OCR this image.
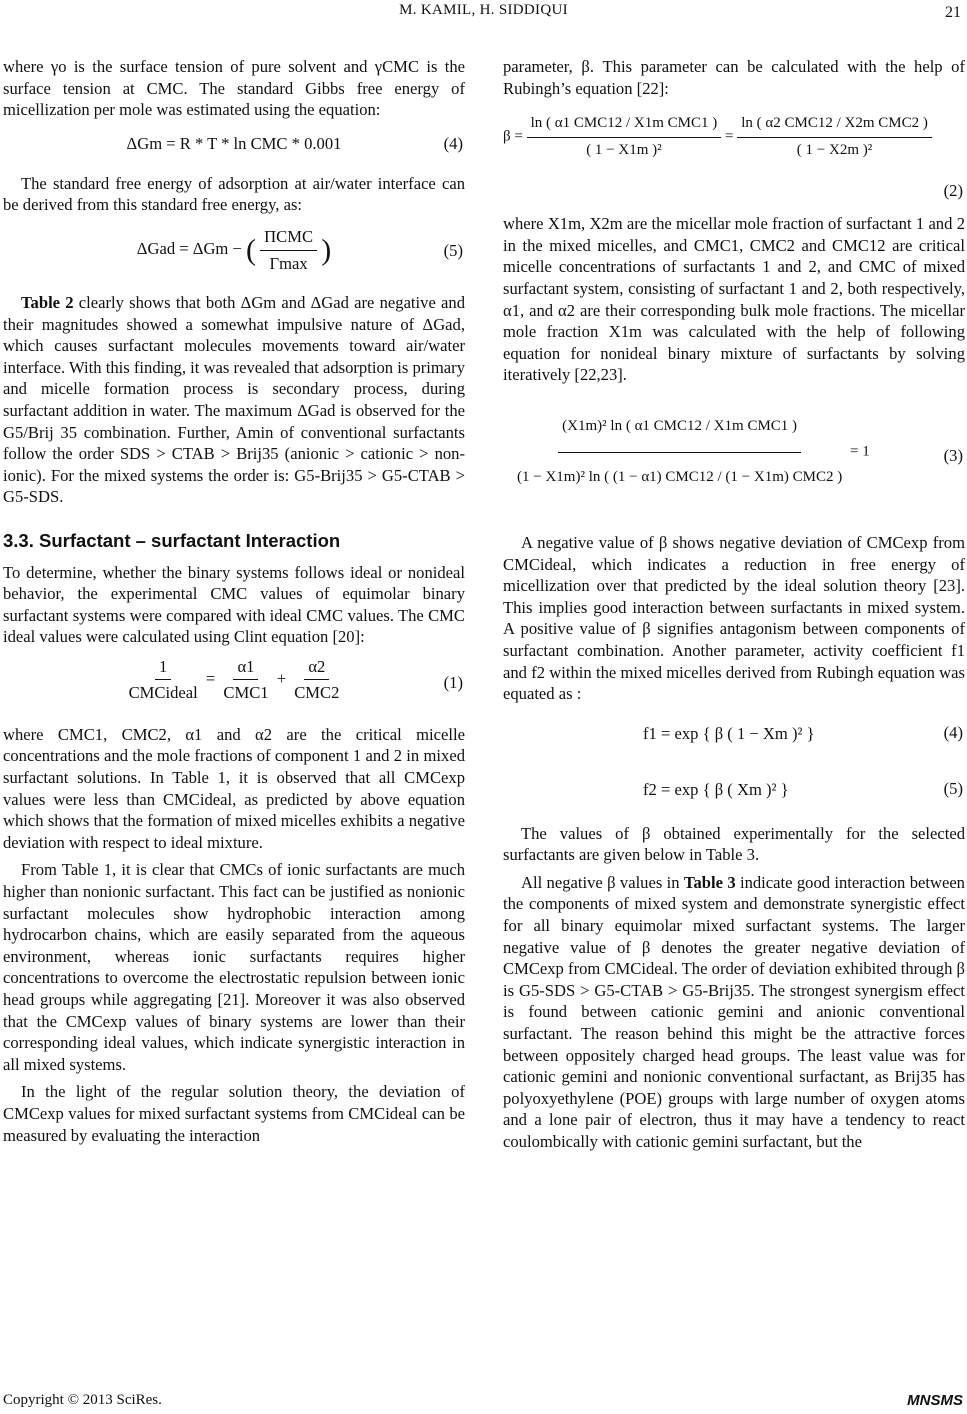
M. KAMIL, H. SIDDIQUI	21

where γo is the surface tension of pure solvent and γCMC is the surface tension at CMC. The standard Gibbs free energy of micellization per mole was estimated using the equation:

ΔGm = R * T * ln CMC * 0.001	(4)

The standard free energy of adsorption at air/water interface can be derived from this standard free energy, as:

ΔGad = ΔGm − ( $\frac{\text{ΠCMC}}{\Gamma\max}$ )	(5)

Table 2 clearly shows that both ΔGm and ΔGad are negative and their magnitudes showed a somewhat impulsive nature of ΔGad, which causes surfactant molecules movements toward air/water interface. With this finding, it was revealed that adsorption is primary and micelle formation process is secondary process, during surfactant addition in water. The maximum ΔGad is observed for the G5/Brij 35 combination. Further, Amin of conventional surfactants follow the order SDS > CTAB > Brij35 (anionic > cationic > non-ionic). For the mixed systems the order is: G5-Brij35 > G5-CTAB > G5-SDS.

3.3. Surfactant – surfactant Interaction

To determine, whether the binary systems follows ideal or nonideal behavior, the experimental CMC values of equimolar binary surfactant systems were compared with ideal CMC values. The CMC ideal values were calculated using Clint equation [20]:

$\frac{1}{\text{CMCideal}} = \frac{\alpha 1}{\text{CMC1}} + \frac{\alpha 2}{\text{CMC2}}$	(1)

where CMC1, CMC2, α1 and α2 are the critical micelle concentrations and the mole fractions of component 1 and 2 in mixed surfactant solutions. In Table 1, it is observed that all CMCexp values were less than CMCideal, as predicted by above equation which shows that the formation of mixed micelles exhibits a negative deviation with respect to ideal mixture.

From Table 1, it is clear that CMCs of ionic surfactants are much higher than nonionic surfactant. This fact can be justified as nonionic surfactant molecules show hydrophobic interaction among hydrocarbon chains, which are easily separated from the aqueous environment, whereas ionic surfactants requires higher concentrations to overcome the electrostatic repulsion between ionic head groups while aggregating [21]. Moreover it was also observed that the CMCexp values of binary systems are lower than their corresponding ideal values, which indicate synergistic interaction in all mixed systems.

In the light of the regular solution theory, the deviation of CMCexp values for mixed surfactant systems from CMCideal can be measured by evaluating the interaction

parameter, β. This parameter can be calculated with the help of Rubingh’s equation [22]:

$\beta = \frac{\text{ln ( α1 CMC12 / X1m CMC1 )}}{\text{( 1 − X1m )²}} = \frac{\text{ln ( α2 CMC12 / X2m CMC2 )}}{\text{( 1 − X2m )²}}$
(2)

where X1m, X2m are the micellar mole fraction of surfactant 1 and 2 in the mixed micelles, and CMC1, CMC2 and CMC12 are critical micelle concentrations of surfactants 1 and 2, and CMC of mixed surfactant system, consisting of surfactant 1 and 2, both respectively, α1, and α2 are their corresponding bulk mole fractions. The micellar mole fraction X1m was calculated with the help of following equation for nonideal binary mixture of surfactants by solving iteratively [22,23].

$\frac{\text{(X1m)² ln ( α1 CMC12 / X1m CMC1 )}}{\text{(1 − X1m)² ln ( (1 − α1) CMC12 / (1 − X1m) CMC2 )}} = 1$	(3)

A negative value of β shows negative deviation of CMCexp from CMCideal, which indicates a reduction in free energy of micellization over that predicted by the ideal solution theory [23]. This implies good interaction between surfactants in mixed system. A positive value of β signifies antagonism between components of surfactant combination. Another parameter, activity coefficient f1 and f2 within the mixed micelles derived from Rubingh equation was equated as :

f1 = exp { β ( 1 − Xm )² }	(4)
f2 = exp { β ( Xm )² }	(5)

The values of β obtained experimentally for the selected surfactants are given below in Table 3.

All negative β values in Table 3 indicate good interaction between the components of mixed system and demonstrate synergistic effect for all binary equimolar mixed surfactant systems. The larger negative value of β denotes the greater negative deviation of CMCexp from CMCideal. The order of deviation exhibited through β is G5-SDS > G5-CTAB > G5-Brij35. The strongest synergism effect is found between cationic gemini and anionic conventional surfactant. The reason behind this might be the attractive forces between oppositely charged head groups. The least value was for cationic gemini and nonionic conventional surfactant, as Brij35 has polyoxyethylene (POE) groups with large number of oxygen atoms and a lone pair of electron, thus it may have a tendency to react coulombically with cationic gemini surfactant, but the

Copyright © 2013 SciRes.	MNSMS
